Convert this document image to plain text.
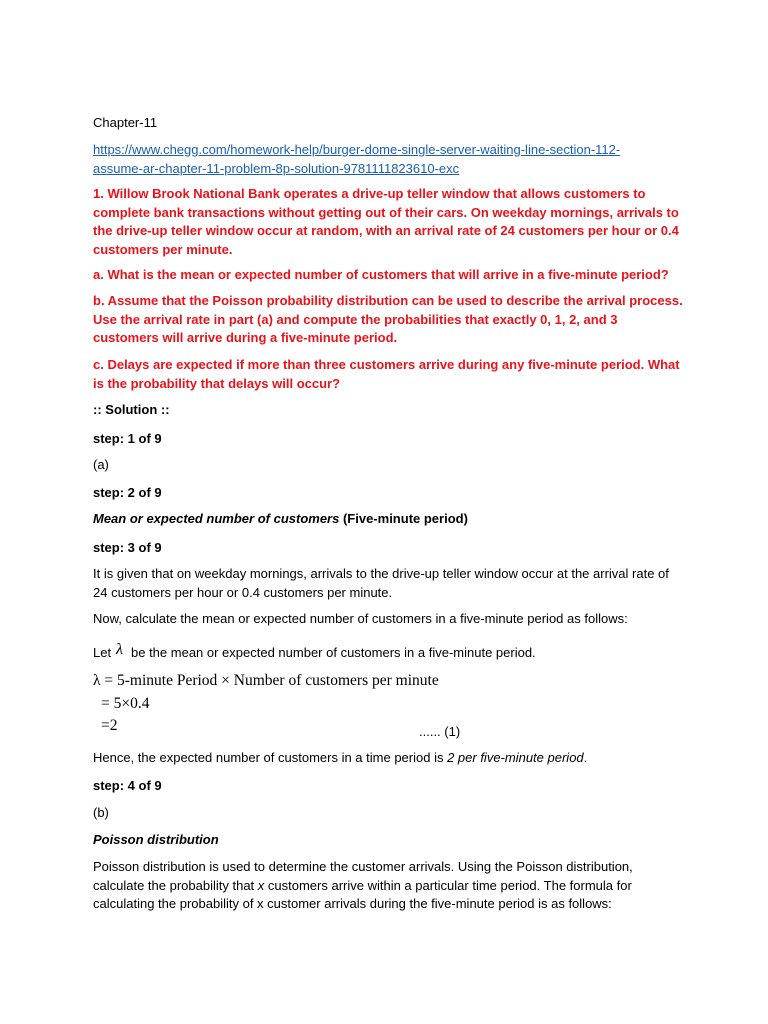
Chapter-11
https://www.chegg.com/homework-help/burger-dome-single-server-waiting-line-section-112-
assume-ar-chapter-11-problem-8p-solution-9781111823610-exc
1. Willow Brook National Bank operates a drive-up teller window that allows customers to complete bank transactions without getting out of their cars. On weekday mornings, arrivals to the drive-up teller window occur at random, with an arrival rate of 24 customers per hour or 0.4 customers per minute.
a. What is the mean or expected number of customers that will arrive in a five-minute period?
b. Assume that the Poisson probability distribution can be used to describe the arrival process. Use the arrival rate in part (a) and compute the probabilities that exactly 0, 1, 2, and 3 customers will arrive during a five-minute period.
c. Delays are expected if more than three customers arrive during any five-minute period. What is the probability that delays will occur?
:: Solution ::
step: 1 of 9
(a)
step: 2 of 9
Mean or expected number of customers (Five-minute period)
step: 3 of 9
It is given that on weekday mornings, arrivals to the drive-up teller window occur at the arrival rate of 24 customers per hour or 0.4 customers per minute.
Now, calculate the mean or expected number of customers in a five-minute period as follows:
Let λ be the mean or expected number of customers in a five-minute period.
λ = 5-minute Period × Number of customers per minute
= 5×0.4
=2	...... (1)
Hence, the expected number of customers in a time period is 2 per five-minute period.
step: 4 of 9
(b)
Poisson distribution
Poisson distribution is used to determine the customer arrivals. Using the Poisson distribution, calculate the probability that x customers arrive within a particular time period. The formula for calculating the probability of x customer arrivals during the five-minute period is as follows:
